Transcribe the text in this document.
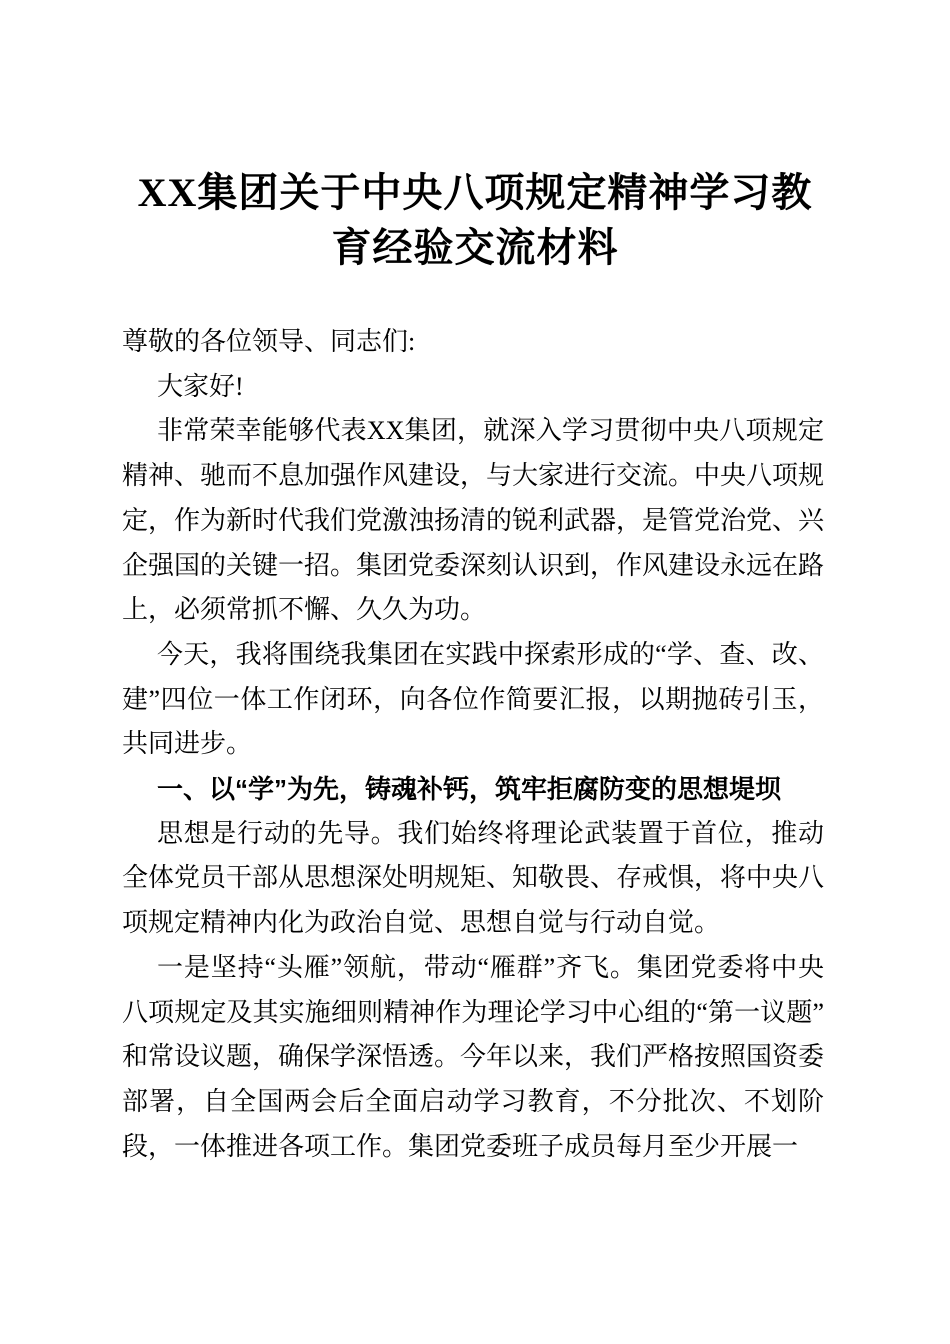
XX集团关于中央八项规定精神学习教育经验交流材料

尊敬的各位领导、同志们:

大家好!

非常荣幸能够代表XX集团，就深入学习贯彻中央八项规定精神、驰而不息加强作风建设，与大家进行交流。中央八项规定，作为新时代我们党激浊扬清的锐利武器，是管党治党、兴企强国的关键一招。集团党委深刻认识到，作风建设永远在路上，必须常抓不懈、久久为功。

今天，我将围绕我集团在实践中探索形成的“学、查、改、建”四位一体工作闭环，向各位作简要汇报，以期抛砖引玉，共同进步。

一、以“学”为先，铸魂补钙，筑牢拒腐防变的思想堤坝

思想是行动的先导。我们始终将理论武装置于首位，推动全体党员干部从思想深处明规矩、知敬畏、存戒惧，将中央八项规定精神内化为政治自觉、思想自觉与行动自觉。

一是坚持“头雁”领航，带动“雁群”齐飞。集团党委将中央八项规定及其实施细则精神作为理论学习中心组的“第一议题”和常设议题，确保学深悟透。今年以来，我们严格按照国资委部署，自全国两会后全面启动学习教育，不分批次、不划阶段，一体推进各项工作。集团党委班子成员每月至少开展一
